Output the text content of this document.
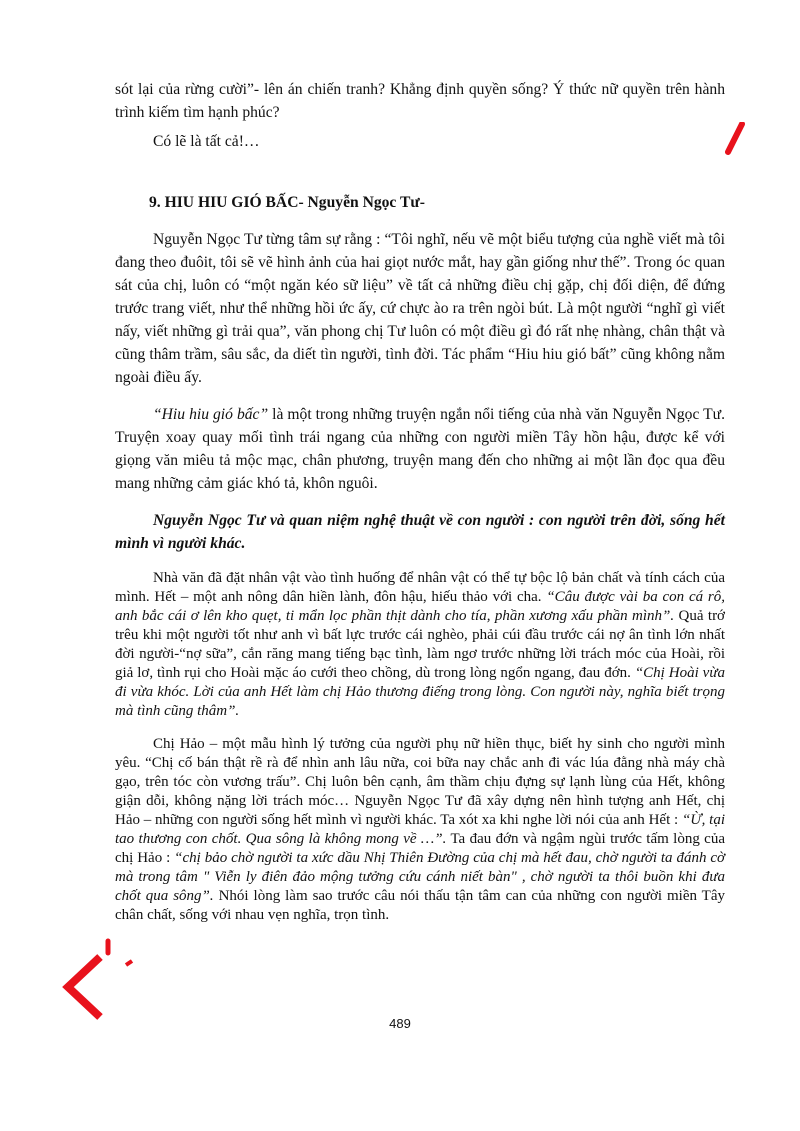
sót lại của rừng cười”- lên án chiến tranh? Khẳng định quyền sống? Ý thức nữ quyền trên hành trình kiếm tìm hạnh phúc?

Có lẽ là tất cả!…

9. HIU HIU GIÓ BẤC- Nguyễn Ngọc Tư-

Nguyễn Ngọc Tư từng tâm sự rằng : “Tôi nghĩ, nếu vẽ một biểu tượng của nghề viết mà tôi đang theo đuôit, tôi sẽ vẽ hình ảnh của hai giọt nước mắt, hay gần giống như thế”. Trong óc quan sát của chị, luôn có “một ngăn kéo sữ liệu” về tất cả những điều chị gặp, chị đối diện, để đứng trước trang viết, như thể những hồi ức ấy, cứ chực ào ra trên ngòi bút. Là một người “nghĩ gì viết nấy, viết những gì trải qua”, văn phong chị Tư luôn có một điều gì đó rất nhẹ nhàng, chân thật và cũng thâm trầm, sâu sắc, da diết tìn người, tình đời. Tác phẩm “Hiu hiu gió bất” cũng không nằm ngoài điều ấy.

“Hiu hiu gió bấc” là một trong những truyện ngắn nổi tiếng của nhà văn Nguyễn Ngọc Tư. Truyện xoay quay mối tình trái ngang của những con người miền Tây hồn hậu, được kể với giọng văn miêu tả mộc mạc, chân phương, truyện mang đến cho những ai một lần đọc qua đều mang những cảm giác khó tả, khôn nguôi.

Nguyễn Ngọc Tư và quan niệm nghệ thuật về con người : con người trên đời, sống hết mình vì người khác.

Nhà văn đã đặt nhân vật vào tình huống để nhân vật có thể tự bộc lộ bản chất và tính cách của mình. Hết – một anh nông dân hiền lành, đôn hậu, hiếu thảo với cha. “Câu được vài ba con cá rô, anh bắc cái ơ lên kho quẹt, ti mẩn lọc phần thịt dành cho tía, phần xương xấu phần mình”. Quả trớ trêu khi một người tốt như anh vì bất lực trước cái nghèo, phải cúi đầu trước cái nợ ân tình lớn nhất đời người-“nợ sữa”, cắn răng mang tiếng bạc tình, làm ngơ trước những lời trách móc của Hoài, rồi giả lơ, tình rụi cho Hoài mặc áo cưới theo chồng, dù trong lòng ngổn ngang, đau đớn. “Chị Hoài vừa đi vừa khóc. Lời của anh Hết làm chị Hảo thương điếng trong lòng. Con người này, nghĩa biết trọng mà tình cũng thâm”.

Chị Hảo – một mẫu hình lý tưởng của người phụ nữ hiền thục, biết hy sinh cho người mình yêu. “Chị cố bán thật rề rà để nhìn anh lâu nữa, coi bữa nay chắc anh đi vác lúa đằng nhà máy chà gạo, trên tóc còn vương trấu”. Chị luôn bên cạnh, âm thầm chịu đựng sự lạnh lùng của Hết, không giận dỗi, không nặng lời trách móc… Nguyễn Ngọc Tư đã xây dựng nên hình tượng anh Hết, chị Hảo – những con người sống hết mình vì người khác. Ta xót xa khi nghe lời nói của anh Hết : “Ừ, tại tao thương con chốt. Qua sông là không mong về …”. Ta đau đớn và ngậm ngùi trước tấm lòng của chị Hảo : “chị bảo chờ người ta xức dầu Nhị Thiên Đường của chị mà hết đau, chờ người ta đánh cờ mà trong tâm " Viễn ly điên đảo mộng tưởng cứu cánh niết bàn" , chờ người ta thôi buồn khi đưa chốt qua sông”. Nhói lòng làm sao trước câu nói thấu tận tâm can của những con người miền Tây chân chất, sống với nhau vẹn nghĩa, trọn tình.

489
